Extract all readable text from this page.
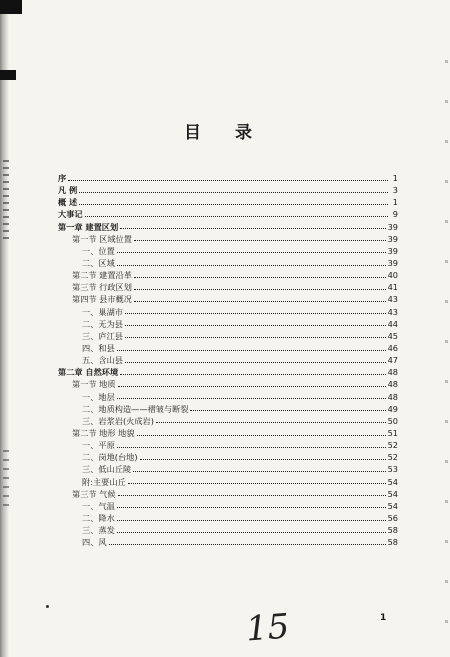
目 录
序	1
凡 例	3
概 述	1
大事记	9
第一章 建置区划	39
第一节 区域位置	39
一、位置	39
二、区域	39
第二节 建置沿革	40
第三节 行政区划	41
第四节 县市概况	43
一、巢湖市	43
二、无为县	44
三、庐江县	45
四、和县	46
五、含山县	47
第二章 自然环境	48
第一节 地质	48
一、地层	48
二、地质构造——褶皱与断裂	49
三、岩浆岩(火成岩)	50
第二节 地形 地貌	51
一、平原	52
二、岗地(台地)	52
三、低山丘陵	53
附:主要山丘	54
第三节 气候	54
一、气温	54
二、降水	56
三、蒸发	58
四、风	58
15	1
